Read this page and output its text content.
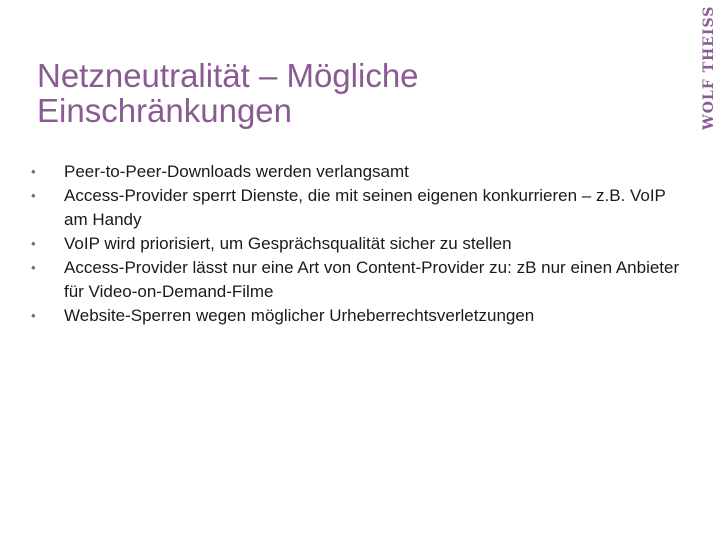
WOLF THEISS
Netzneutralität – Mögliche
Einschränkungen
• Peer-to-Peer-Downloads werden verlangsamt
• Access-Provider sperrt Dienste, die mit seinen eigenen konkurrieren – z.B. VoIP am Handy
• VoIP wird priorisiert, um Gesprächsqualität sicher zu stellen
• Access-Provider lässt nur eine Art von Content-Provider zu: zB nur einen Anbieter für Video-on-Demand-Filme
• Website-Sperren wegen möglicher Urheberrechtsverletzungen
